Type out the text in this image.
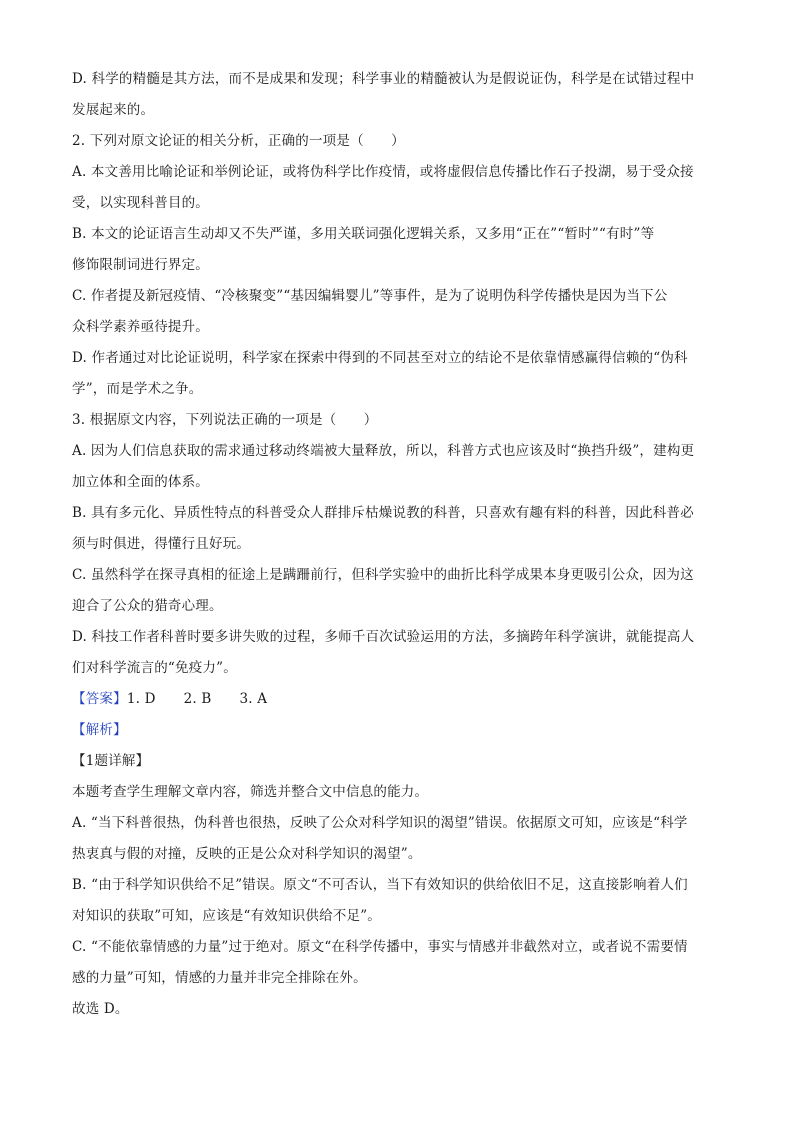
D. 科学的精髓是其方法，而不是成果和发现；科学事业的精髓被认为是假说证伪，科学是在试错过程中
发展起来的。
2. 下列对原文论证的相关分析，正确的一项是（　　）
A. 本文善用比喻论证和举例论证，或将伪科学比作疫情，或将虚假信息传播比作石子投湖，易于受众接
受，以实现科普目的。
B. 本文的论证语言生动却又不失严谨，多用关联词强化逻辑关系，又多用“正在”“暂时”“有时”等
修饰限制词进行界定。
C. 作者提及新冠疫情、“冷核聚变”“基因编辑婴儿”等事件，是为了说明伪科学传播快是因为当下公
众科学素养亟待提升。
D. 作者通过对比论证说明，科学家在探索中得到的不同甚至对立的结论不是依靠情感赢得信赖的“伪科
学”，而是学术之争。
3. 根据原文内容，下列说法正确的一项是（　　）
A. 因为人们信息获取的需求通过移动终端被大量释放，所以，科普方式也应该及时“换挡升级”，建构更
加立体和全面的体系。
B. 具有多元化、异质性特点的科普受众人群排斥枯燥说教的科普，只喜欢有趣有料的科普，因此科普必
须与时俱进，得懂行且好玩。
C. 虽然科学在探寻真相的征途上是蹒跚前行，但科学实验中的曲折比科学成果本身更吸引公众，因为这
迎合了公众的猎奇心理。
D. 科技工作者科普时要多讲失败的过程，多师千百次试验运用的方法，多摘跨年科学演讲，就能提高人
们对科学流言的“免疫力”。
【答案】1. D 2. B 3. A
【解析】
【1题详解】
本题考查学生理解文章内容，筛选并整合文中信息的能力。
A. “当下科普很热，伪科普也很热，反映了公众对科学知识的渴望”错误。依据原文可知，应该是“科学
热衷真与假的对撞，反映的正是公众对科学知识的渴望”。
B. “由于科学知识供给不足”错误。原文“不可否认，当下有效知识的供给依旧不足，这直接影响着人们
对知识的获取”可知，应该是“有效知识供给不足”。
C. “不能依靠情感的力量”过于绝对。原文“在科学传播中，事实与情感并非截然对立，或者说不需要情
感的力量”可知，情感的力量并非完全排除在外。
故选 D。
